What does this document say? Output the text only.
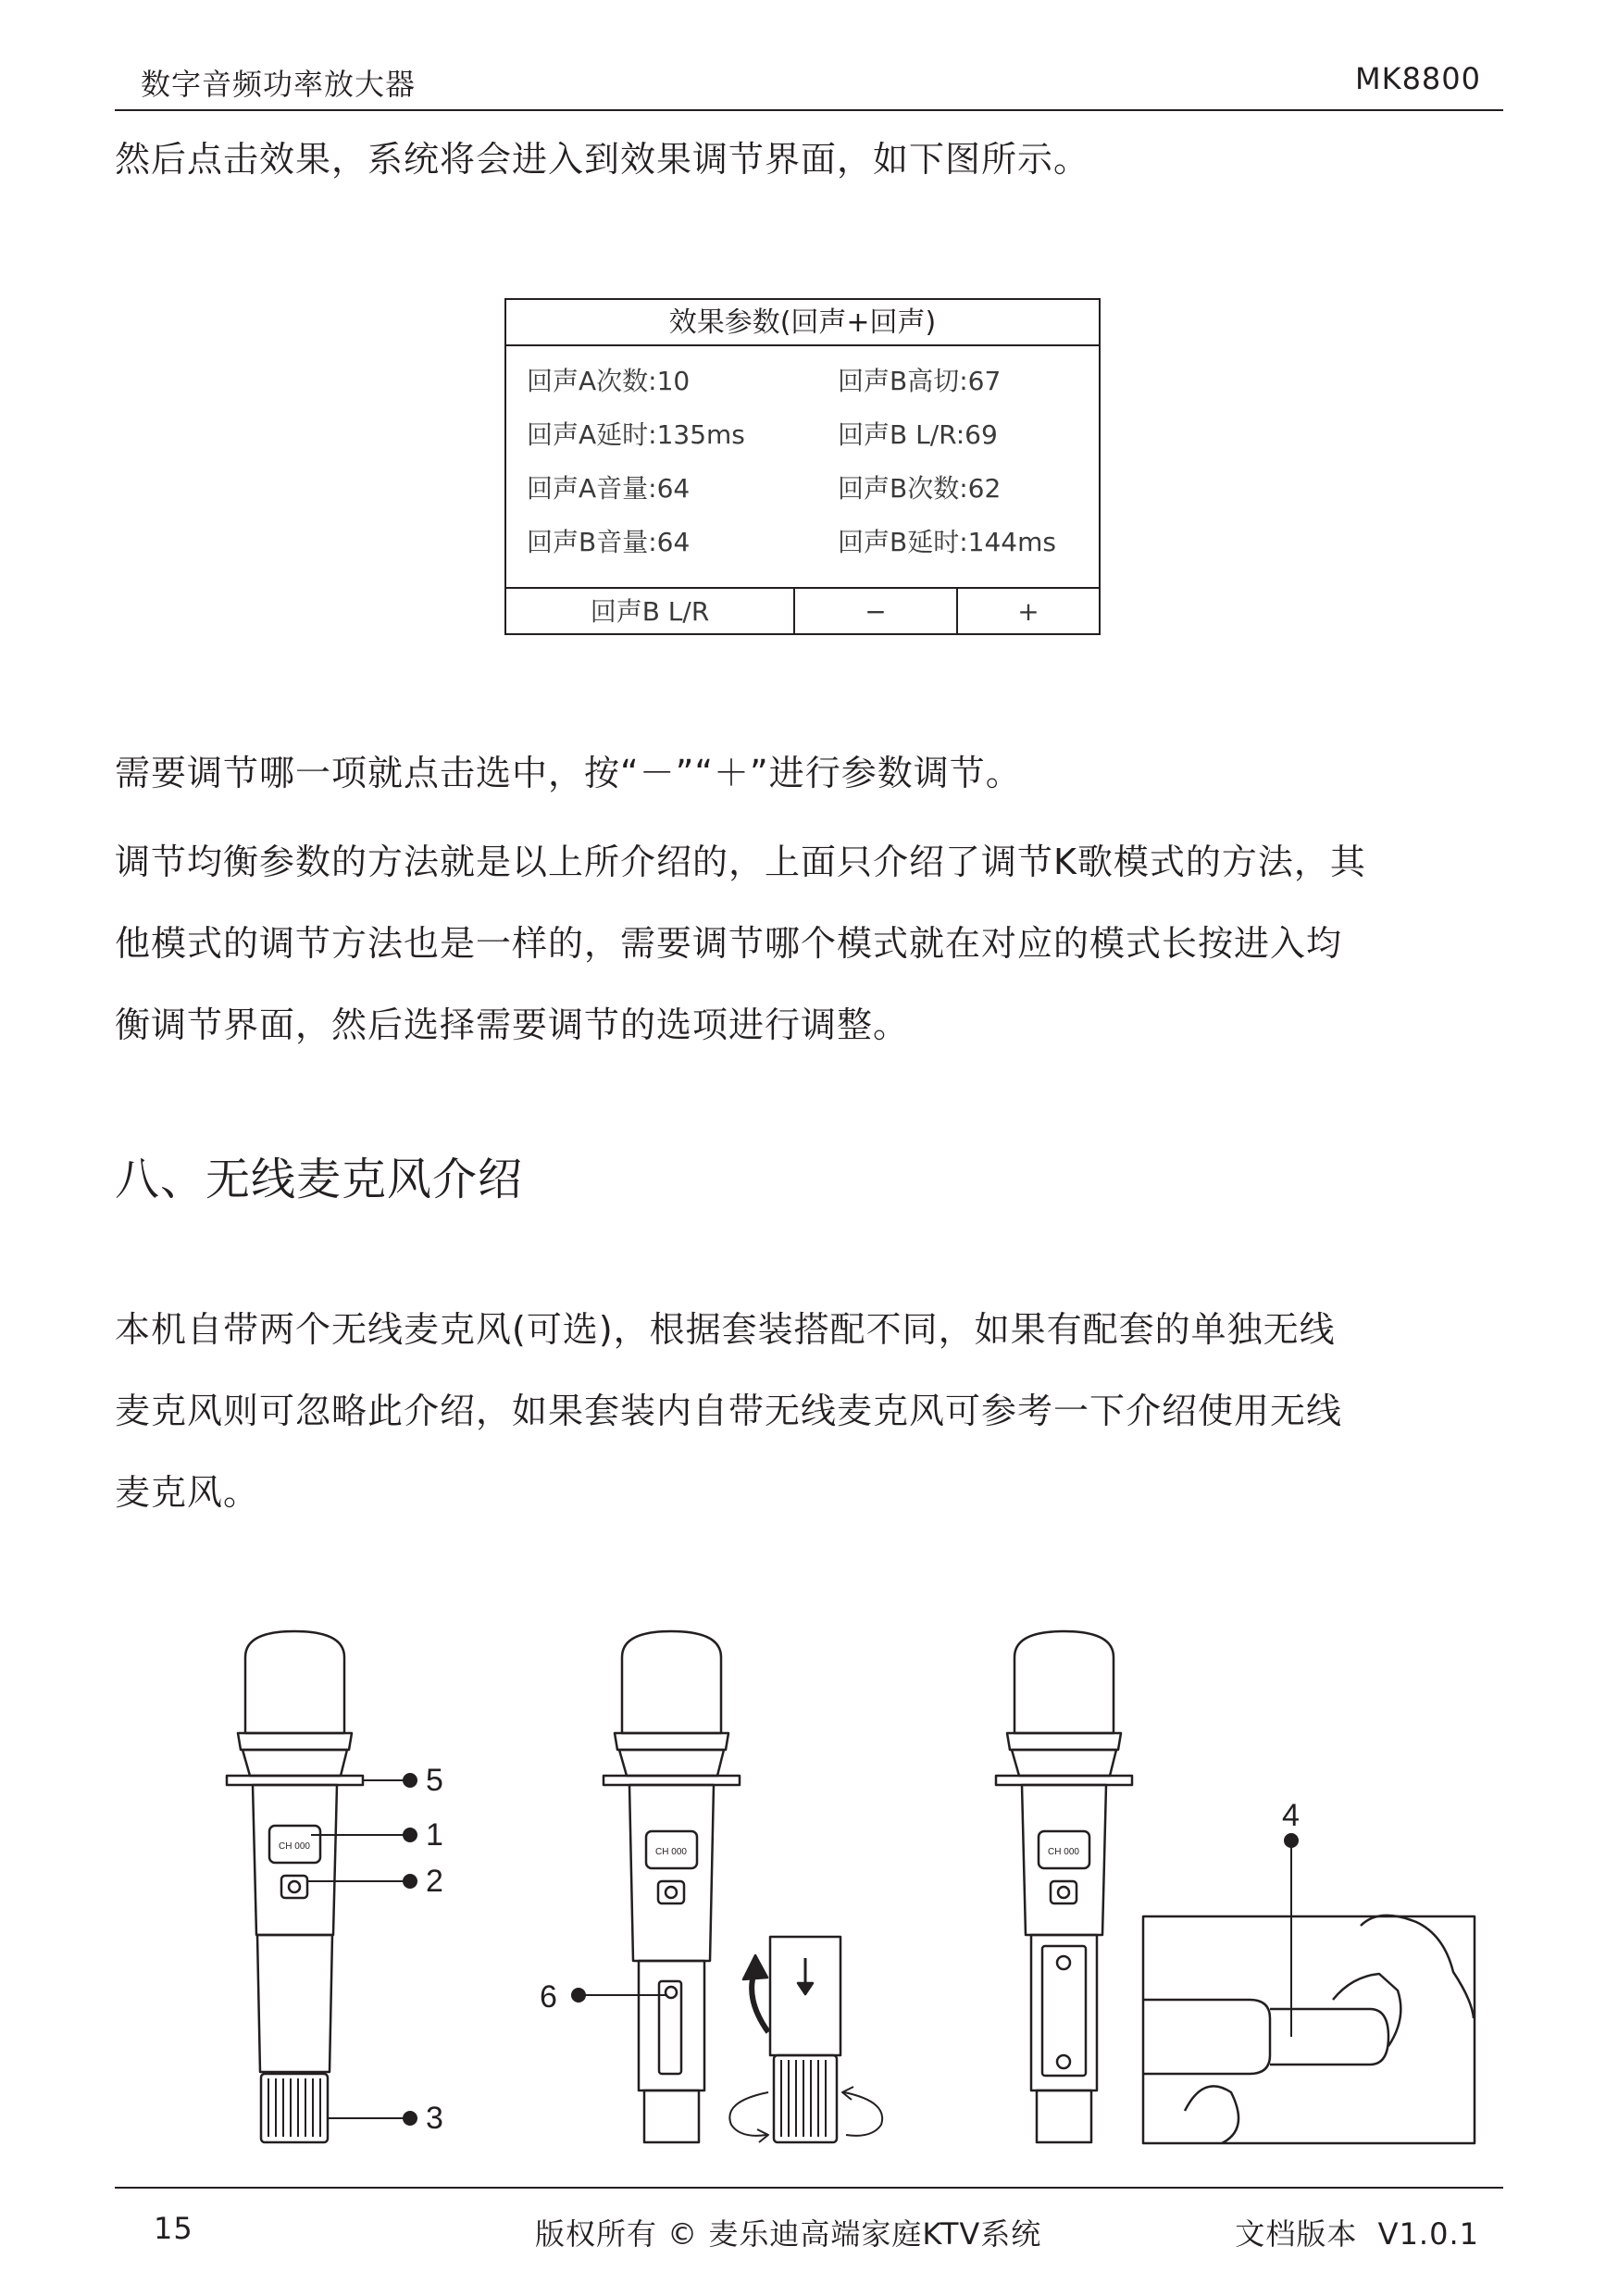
数字音频功率放大器	MK8800

然后点击效果，系统将会进入到效果调节界面，如下图所示。

效果参数(回声+回声)
回声A次数:10	回声B高切:67
回声A延时:135ms	回声B L/R:69
回声A音量:64	回声B次数:62
回声B音量:64	回声B延时:144ms
回声B L/R	−	+

需要调节哪一项就点击选中，按“－”“＋”进行参数调节。

调节均衡参数的方法就是以上所介绍的，上面只介绍了调节K歌模式的方法，其
他模式的调节方法也是一样的，需要调节哪个模式就在对应的模式长按进入均
衡调节界面，然后选择需要调节的选项进行调整。

八、无线麦克风介绍

本机自带两个无线麦克风(可选)，根据套装搭配不同，如果有配套的单独无线
麦克风则可忽略此介绍，如果套装内自带无线麦克风可参考一下介绍使用无线
麦克风。

CH 000
5
1
2
3
CH 000
6
CH 000
4
15	版权所有 © 麦乐迪高端家庭KTV系统	文档版本  V1.0.1
